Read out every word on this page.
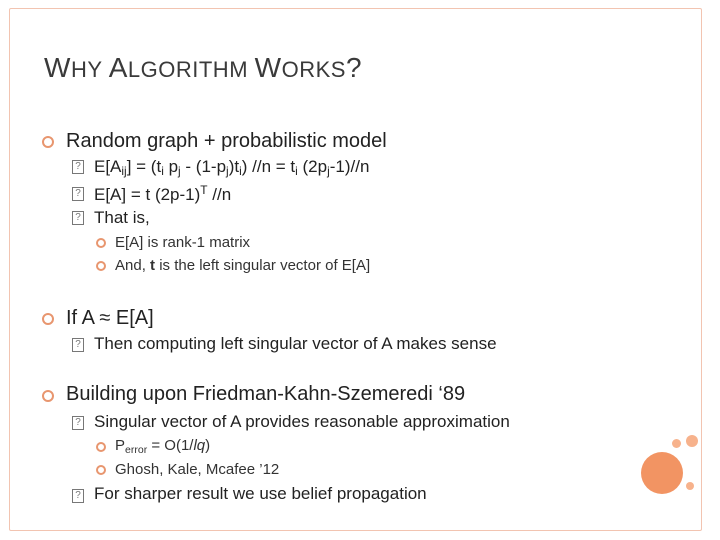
WHY ALGORITHM WORKS?
Random graph + probabilistic model
? $E[A_{ij}] = (t_i$ $p_j - (1-p_j)t_i$) $//n = t_i$ $(2p_j-1)//n$
? E[A] = t $(2p-1)^T$ //n
? That is,
E[A] is rank-1 matrix
And, t is the left singular vector of E[A]
If A ≈ E[A]
? Then computing left singular vector of A makes sense
Building upon Friedman-Kahn-Szemeredi ‘89
? Singular vector of A provides reasonable approximation
$P_{error} = O(1/lq)$
Ghosh, Kale, Mcafee ’12
? For sharper result we use belief propagation
